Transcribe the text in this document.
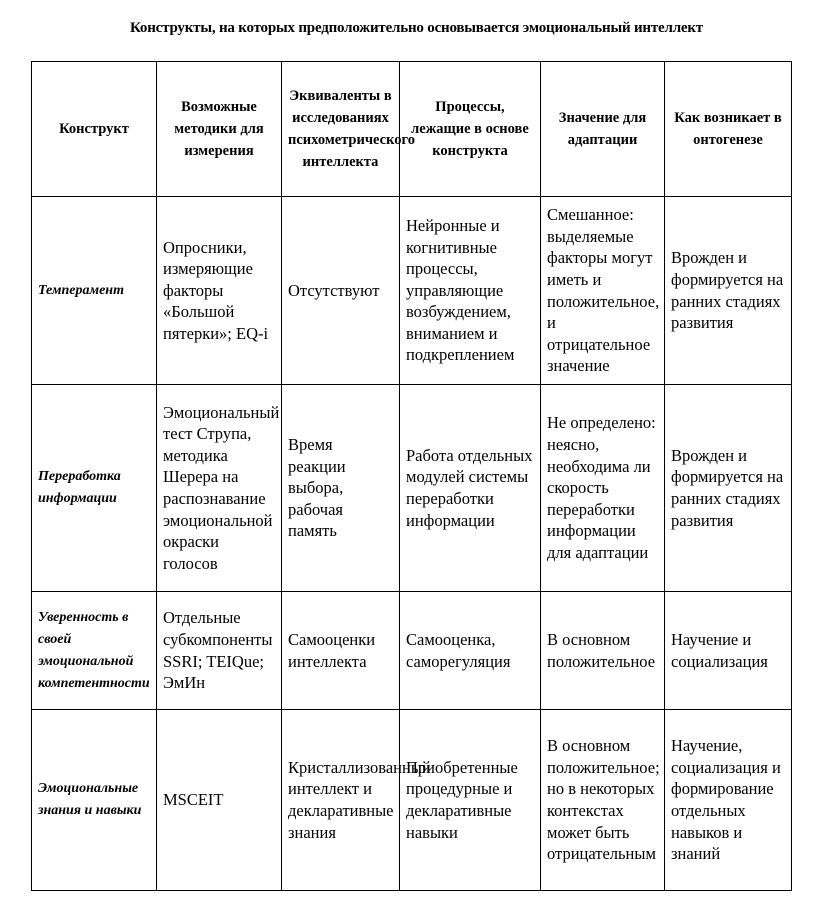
Конструкты, на которых предположительно основывается эмоциональный интеллект
Конструкт	Возможные методики для измерения	Эквиваленты в исследованиях психометрического интеллекта	Процессы, лежащие в основе конструкта	Значение для адаптации	Как возникает в онтогенезе
Темперамент	Опросники, измеряющие факторы «Большой пятерки»; EQ-i	Отсутствуют	Нейронные и когнитивные процессы, управляющие возбуждением, вниманием и подкреплением	Смешанное: выделяемые факторы могут иметь и положительное, и отрицательное значение	Врожден и формируется на ранних стадиях развития
Переработка информации	Эмоциональный тест Струпа, методика Шерера на распознавание эмоциональной окраски голосов	Время реакции выбора, рабочая память	Работа отдельных модулей системы переработки информации	Не определено: неясно, необходима ли скорость переработки информации для адаптации	Врожден и формируется на ранних стадиях развития
Уверенность в своей эмоциональной компетентности	Отдельные субкомпоненты SSRI; TEIQue; ЭмИн	Самооценки интеллекта	Самооценка, саморегуляция	В основном положительное	Научение и социализация
Эмоциональные знания и навыки	MSCEIT	Кристаллизованный интеллект и декларативные знания	Приобретенные процедурные и декларативные навыки	В основном положительное; но в некоторых контекстах может быть отрицательным	Научение, социализация и формирование отдельных навыков и знаний
